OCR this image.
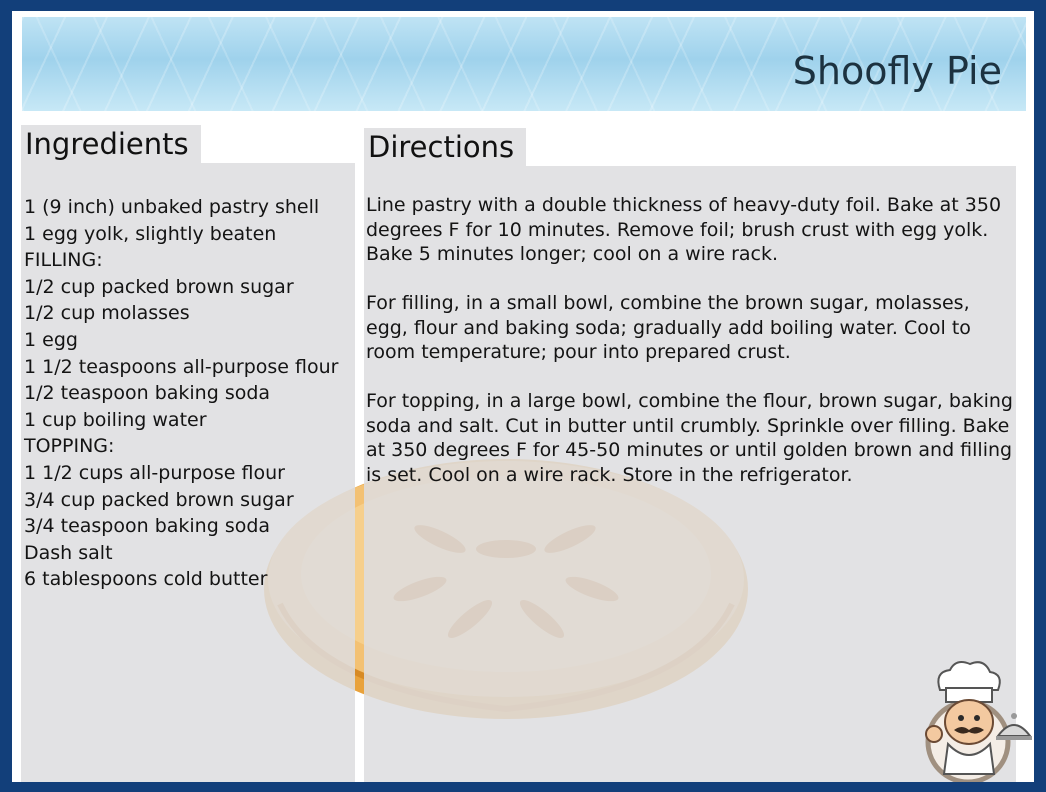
Shoofly Pie
Ingredients	Directions
1 (9 inch) unbaked pastry shell
1 egg yolk, slightly beaten
FILLING:
1/2 cup packed brown sugar
1/2 cup molasses
1 egg
1 1/2 teaspoons all-purpose flour
1/2 teaspoon baking soda
1 cup boiling water
TOPPING:
1 1/2 cups all-purpose flour
3/4 cup packed brown sugar
3/4 teaspoon baking soda
Dash salt
6 tablespoons cold butter

Line pastry with a double thickness of heavy-duty foil. Bake at 350 degrees F for 10 minutes. Remove foil; brush crust with egg yolk. Bake 5 minutes longer; cool on a wire rack.

For filling, in a small bowl, combine the brown sugar, molasses, egg, flour and baking soda; gradually add boiling water. Cool to room temperature; pour into prepared crust.

For topping, in a large bowl, combine the flour, brown sugar, baking soda and salt. Cut in butter until crumbly. Sprinkle over filling. Bake at 350 degrees F for 45-50 minutes or until golden brown and filling is set. Cool on a wire rack. Store in the refrigerator.
